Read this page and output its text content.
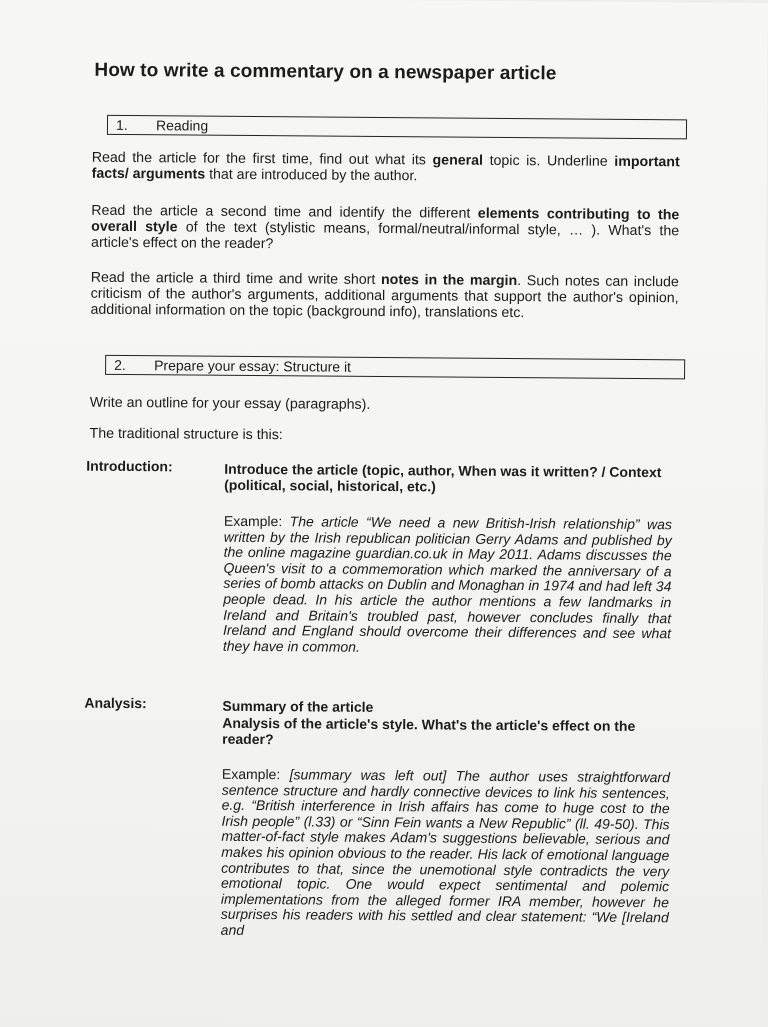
How to write a commentary on a newspaper article
1.	Reading

Read the article for the first time, find out what its general topic is. Underline important facts/ arguments that are introduced by the author.

Read the article a second time and identify the different elements contributing to the overall style of the text (stylistic means, formal/neutral/informal style, … ). What's the article's effect on the reader?

Read the article a third time and write short notes in the margin. Such notes can include criticism of the author's arguments, additional arguments that support the author's opinion, additional information on the topic (background info), translations etc.

2.	Prepare your essay: Structure it

Write an outline for your essay (paragraphs).

The traditional structure is this:

Introduction:	Introduce the article (topic, author, When was it written? / Context (political, social, historical, etc.)

Example: The article “We need a new British-Irish relationship” was written by the Irish republican politician Gerry Adams and published by the online magazine guardian.co.uk in May 2011. Adams discusses the Queen's visit to a commemoration which marked the anniversary of a series of bomb attacks on Dublin and Monaghan in 1974 and had left 34 people dead. In his article the author mentions a few landmarks in Ireland and Britain's troubled past, however concludes finally that Ireland and England should overcome their differences and see what they have in common.

Analysis:	Summary of the article

Analysis of the article's style. What's the article's effect on the reader?

Example: [summary was left out] The author uses straightforward sentence structure and hardly connective devices to link his sentences, e.g. “British interference in Irish affairs has come to huge cost to the Irish people” (l.33) or “Sinn Fein wants a New Republic” (ll. 49-50). This matter-of-fact style makes Adam's suggestions believable, serious and makes his opinion obvious to the reader. His lack of emotional language contributes to that, since the unemotional style contradicts the very emotional topic. One would expect sentimental and polemic implementations from the alleged former IRA member, however he surprises his readers with his settled and clear statement: “We [Ireland and
